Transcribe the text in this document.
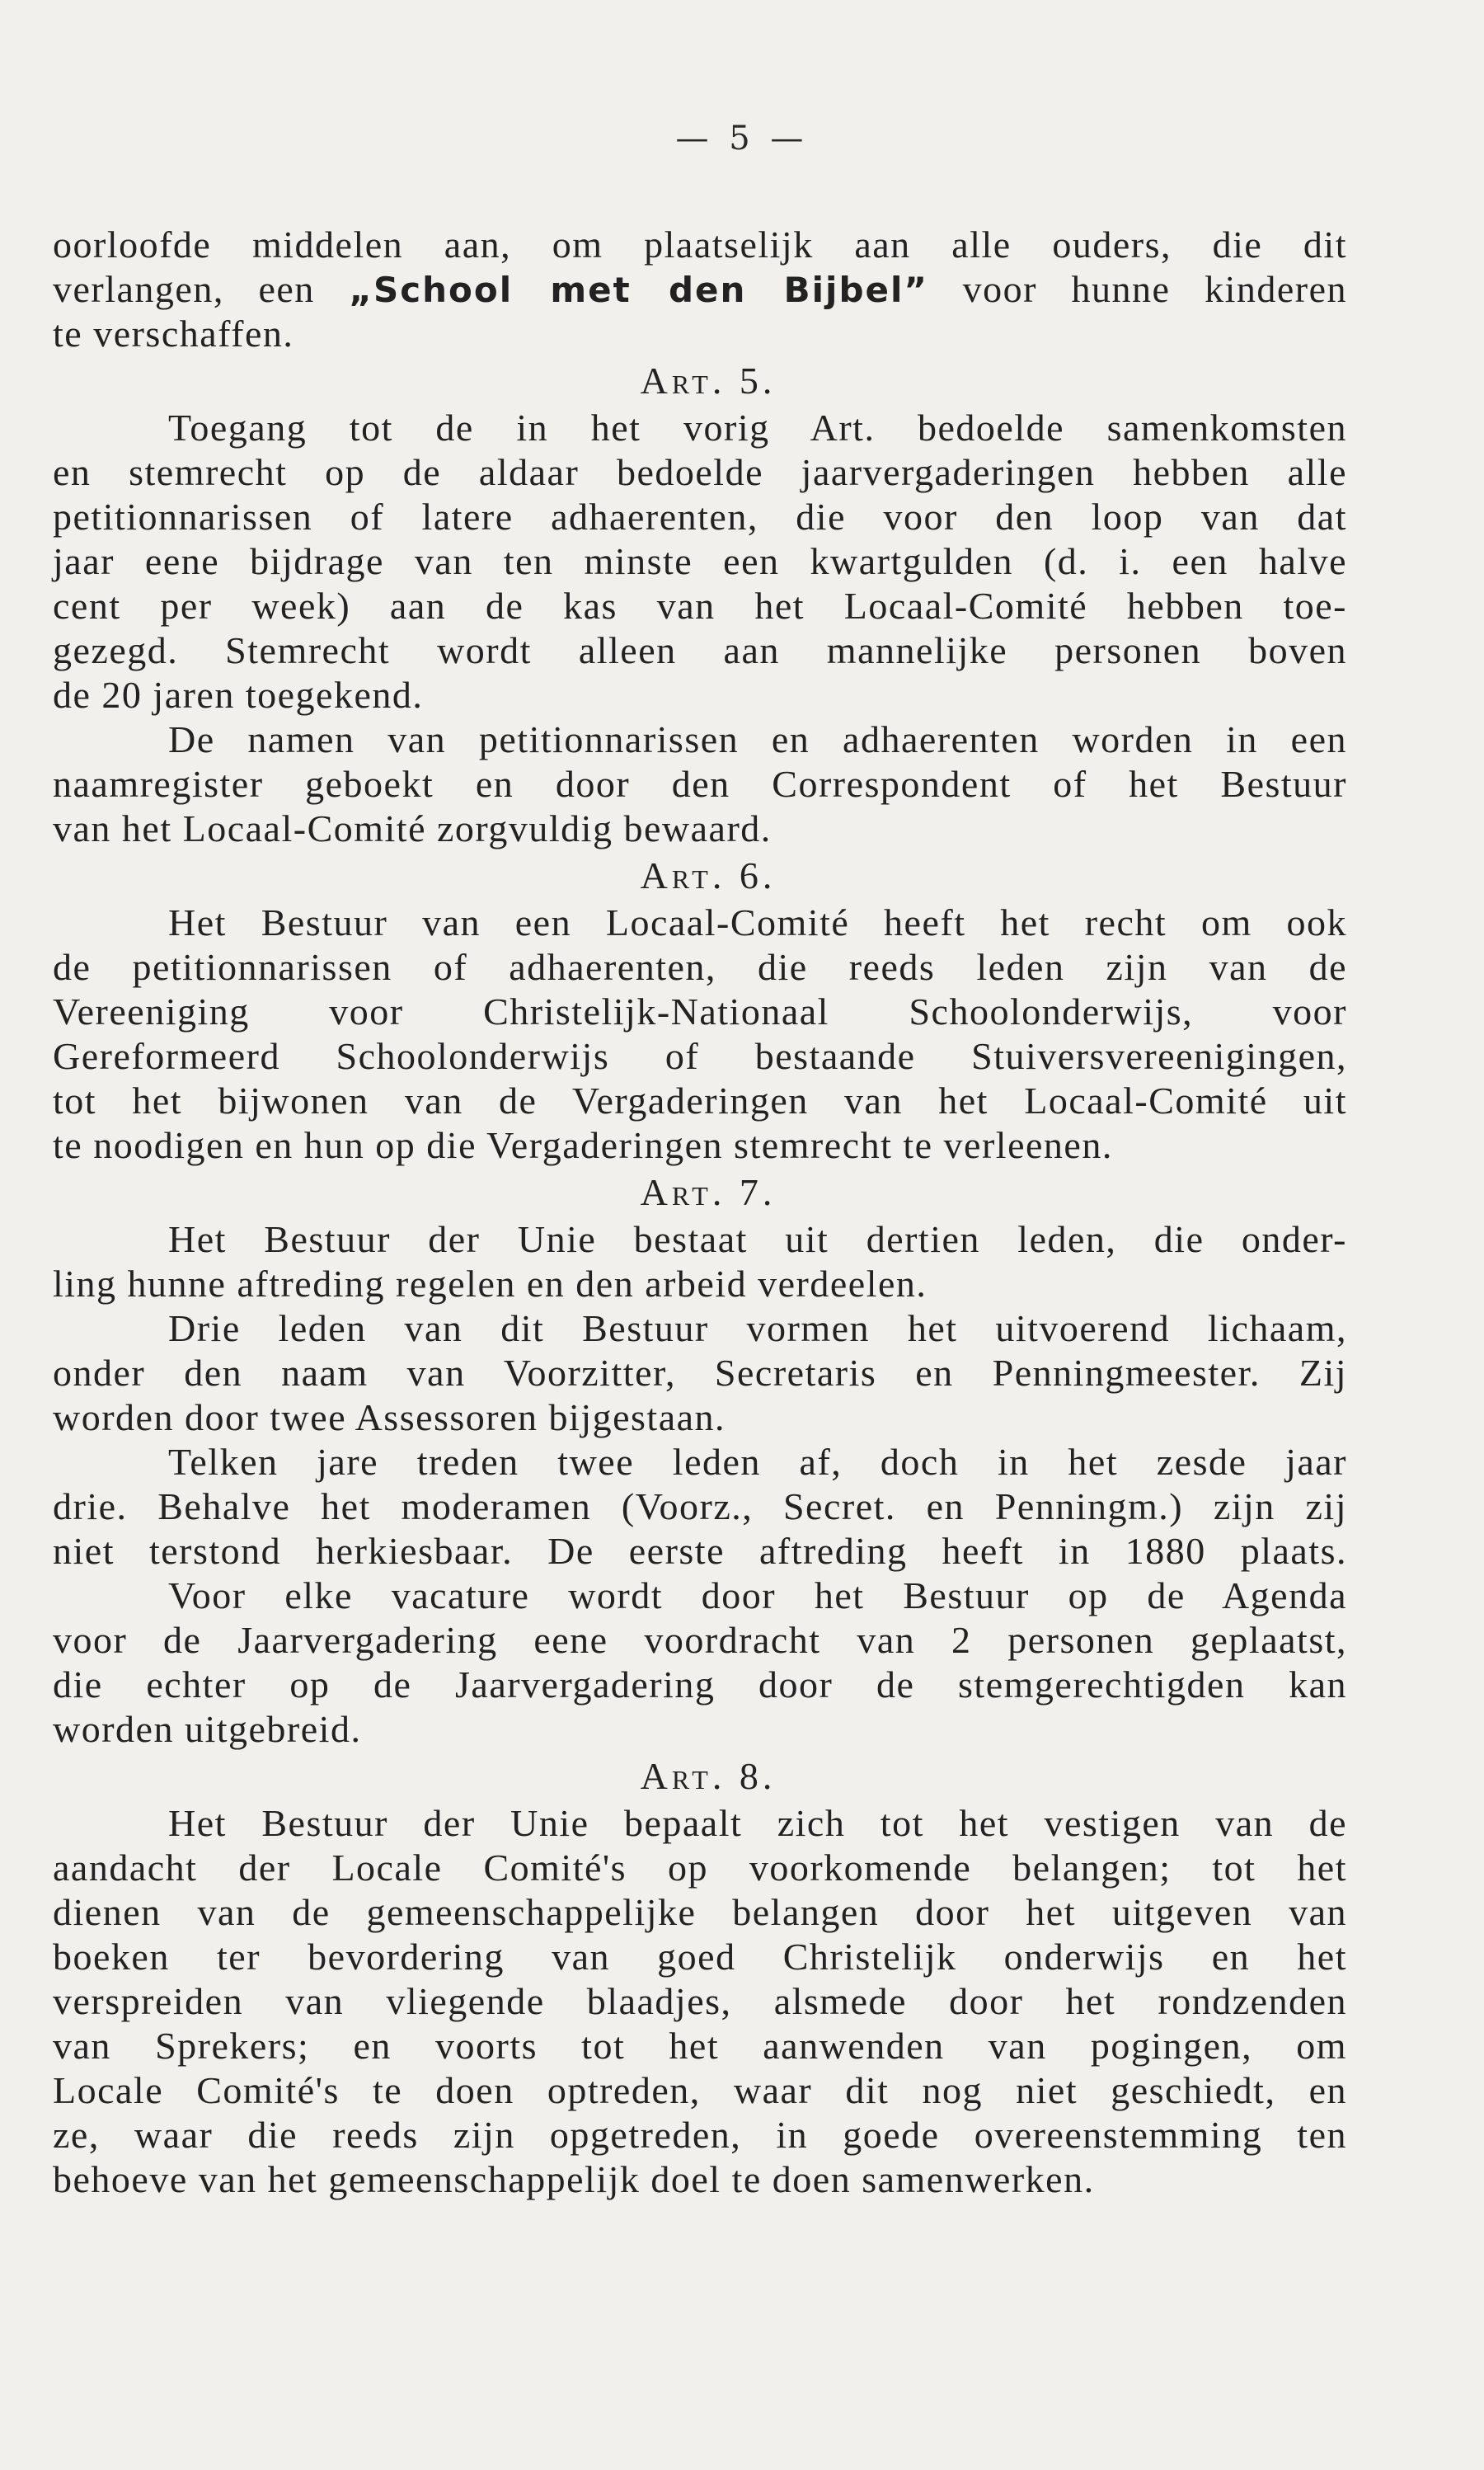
— 5 —
oorloofde middelen aan, om plaatselijk aan alle ouders, die dit
verlangen, een „School met den Bijbel” voor hunne kinderen
te verschaffen.
Art. 5.
Toegang tot de in het vorig Art. bedoelde samenkomsten
en stemrecht op de aldaar bedoelde jaarvergaderingen hebben alle
petitionnarissen of latere adhaerenten, die voor den loop van dat
jaar eene bijdrage van ten minste een kwartgulden (d. i. een halve
cent per week) aan de kas van het Locaal-Comité hebben toe-
gezegd. Stemrecht wordt alleen aan mannelijke personen boven
de 20 jaren toegekend.
De namen van petitionnarissen en adhaerenten worden in een
naamregister geboekt en door den Correspondent of het Bestuur
van het Locaal-Comité zorgvuldig bewaard.
Art. 6.
Het Bestuur van een Locaal-Comité heeft het recht om ook
de petitionnarissen of adhaerenten, die reeds leden zijn van de
Vereeniging voor Christelijk-Nationaal Schoolonderwijs, voor
Gereformeerd Schoolonderwijs of bestaande Stuiversvereenigingen,
tot het bijwonen van de Vergaderingen van het Locaal-Comité uit
te noodigen en hun op die Vergaderingen stemrecht te verleenen.
Art. 7.
Het Bestuur der Unie bestaat uit dertien leden, die onder-
ling hunne aftreding regelen en den arbeid verdeelen.
Drie leden van dit Bestuur vormen het uitvoerend lichaam,
onder den naam van Voorzitter, Secretaris en Penningmeester. Zij
worden door twee Assessoren bijgestaan.
Telken jare treden twee leden af, doch in het zesde jaar
drie. Behalve het moderamen (Voorz., Secret. en Penningm.) zijn zij
niet terstond herkiesbaar. De eerste aftreding heeft in 1880 plaats.
Voor elke vacature wordt door het Bestuur op de Agenda
voor de Jaarvergadering eene voordracht van 2 personen geplaatst,
die echter op de Jaarvergadering door de stemgerechtigden kan
worden uitgebreid.
Art. 8.
Het Bestuur der Unie bepaalt zich tot het vestigen van de
aandacht der Locale Comité's op voorkomende belangen; tot het
dienen van de gemeenschappelijke belangen door het uitgeven van
boeken ter bevordering van goed Christelijk onderwijs en het
verspreiden van vliegende blaadjes, alsmede door het rondzenden
van Sprekers; en voorts tot het aanwenden van pogingen, om
Locale Comité's te doen optreden, waar dit nog niet geschiedt, en
ze, waar die reeds zijn opgetreden, in goede overeenstemming ten
behoeve van het gemeenschappelijk doel te doen samenwerken.
